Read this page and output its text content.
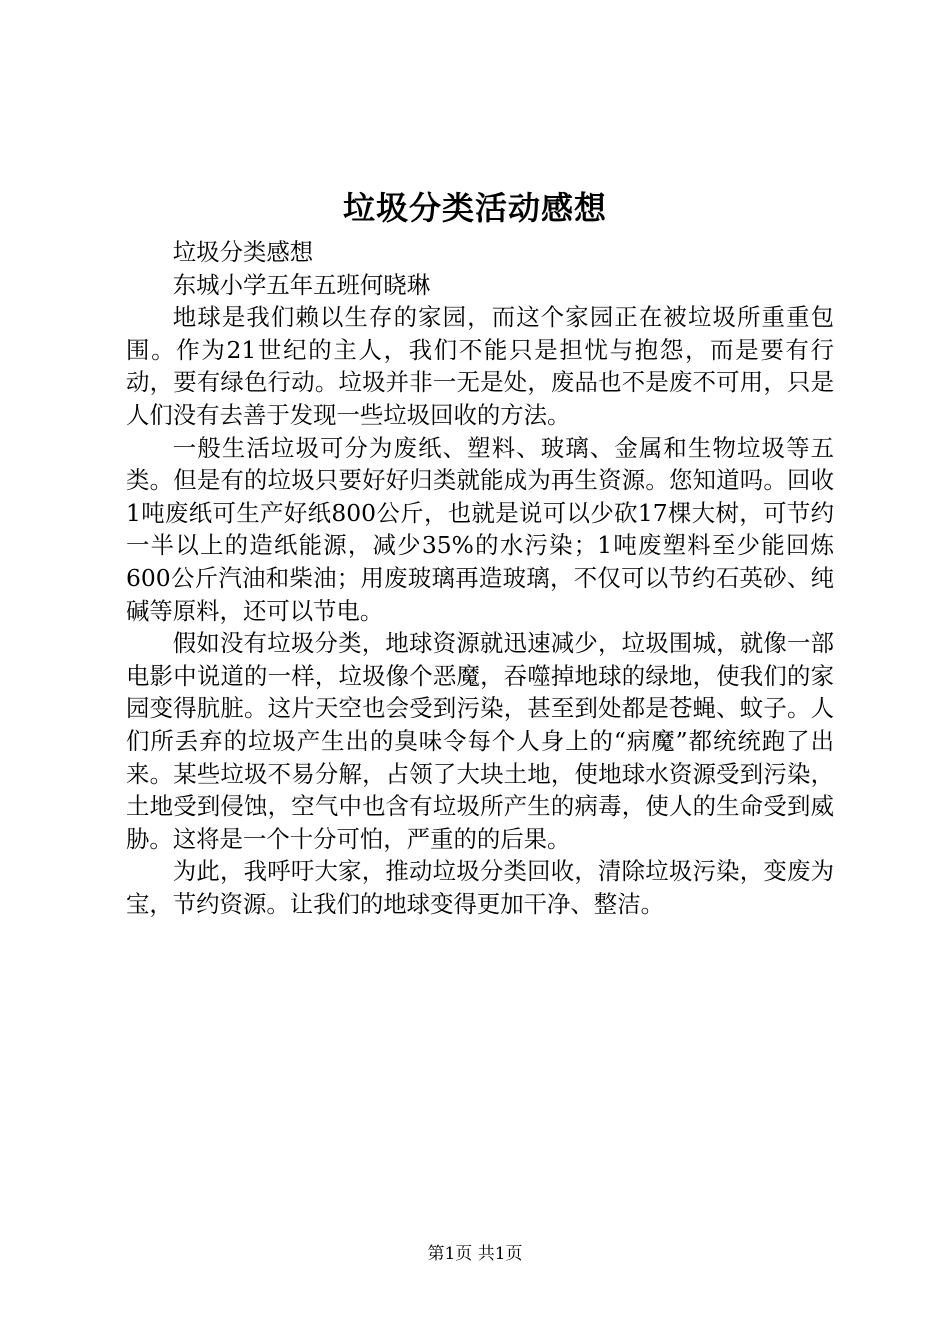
垃圾分类活动感想

垃圾分类感想

东城小学五年五班何晓琳

地球是我们赖以生存的家园，而这个家园正在被垃圾所重重包围。作为21世纪的主人，我们不能只是担忧与抱怨，而是要有行动，要有绿色行动。垃圾并非一无是处，废品也不是废不可用，只是人们没有去善于发现一些垃圾回收的方法。

一般生活垃圾可分为废纸、塑料、玻璃、金属和生物垃圾等五类。但是有的垃圾只要好好归类就能成为再生资源。您知道吗。回收1吨废纸可生产好纸800公斤，也就是说可以少砍17棵大树，可节约一半以上的造纸能源，减少35%的水污染；1吨废塑料至少能回炼600公斤汽油和柴油；用废玻璃再造玻璃，不仅可以节约石英砂、纯碱等原料，还可以节电。

假如没有垃圾分类，地球资源就迅速减少，垃圾围城，就像一部电影中说道的一样，垃圾像个恶魔，吞噬掉地球的绿地，使我们的家园变得肮脏。这片天空也会受到污染，甚至到处都是苍蝇、蚊子。人们所丢弃的垃圾产生出的臭味令每个人身上的“病魔”都统统跑了出来。某些垃圾不易分解，占领了大块土地，使地球水资源受到污染，土地受到侵蚀，空气中也含有垃圾所产生的病毒，使人的生命受到威胁。这将是一个十分可怕，严重的的后果。

为此，我呼吁大家，推动垃圾分类回收，清除垃圾污染，变废为宝，节约资源。让我们的地球变得更加干净、整洁。

第1页 共1页
